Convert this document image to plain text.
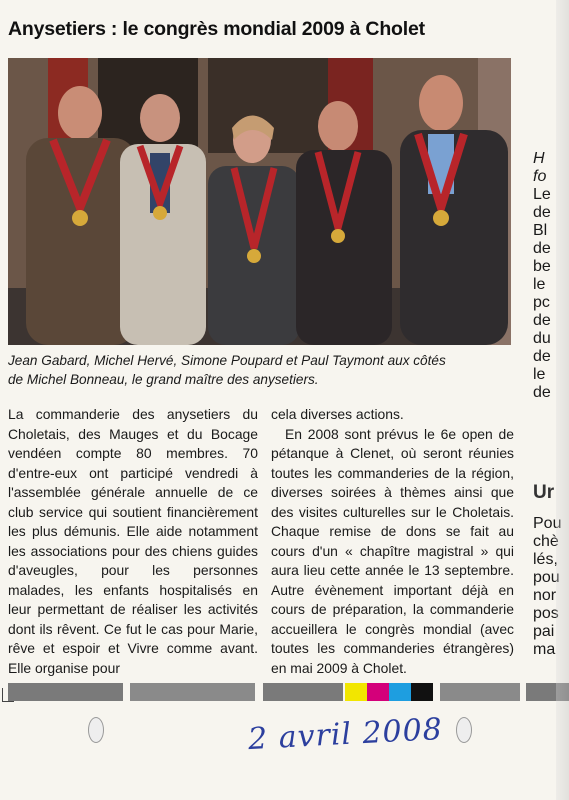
Anysetiers : le congrès mondial 2009 à Cholet
Jean Gabard, Michel Hervé, Simone Poupard et Paul Taymont aux côtés
de Michel Bonneau, le grand maître des anysetiers.

La commanderie des anysetiers du Choletais, des Mauges et du Bocage vendéen compte 80 membres. 70 d'entre-eux ont participé vendredi à l'assemblée générale annuelle de ce club service qui soutient financièrement les plus démunis. Elle aide notamment les associations pour des chiens guides d'aveugles, pour les personnes malades, les enfants hospitalisés en leur permettant de réaliser les activités dont ils rêvent. Ce fut le cas pour Marie, rêve et espoir et Vivre comme avant. Elle organise pour

cela diverses actions.

En 2008 sont prévus le 6e open de pétanque à Clenet, où seront réunies toutes les commanderies de la région, diverses soirées à thèmes ainsi que des visites culturelles sur le Choletais. Chaque remise de dons se fait au cours d'un « chapître magistral » qui aura lieu cette année le 13 septembre. Autre évènement important déjà en cours de préparation, la commanderie accueillera le congrès mondial (avec toutes les commanderies étrangères) en mai 2009 à Cholet.

H
fo
Le
de
Bl
de
be
le
pc
de
du
de
le
de
Ur
Pou
chè
lés,
pou
nor
pos
pai
ma
2 avril 2008
